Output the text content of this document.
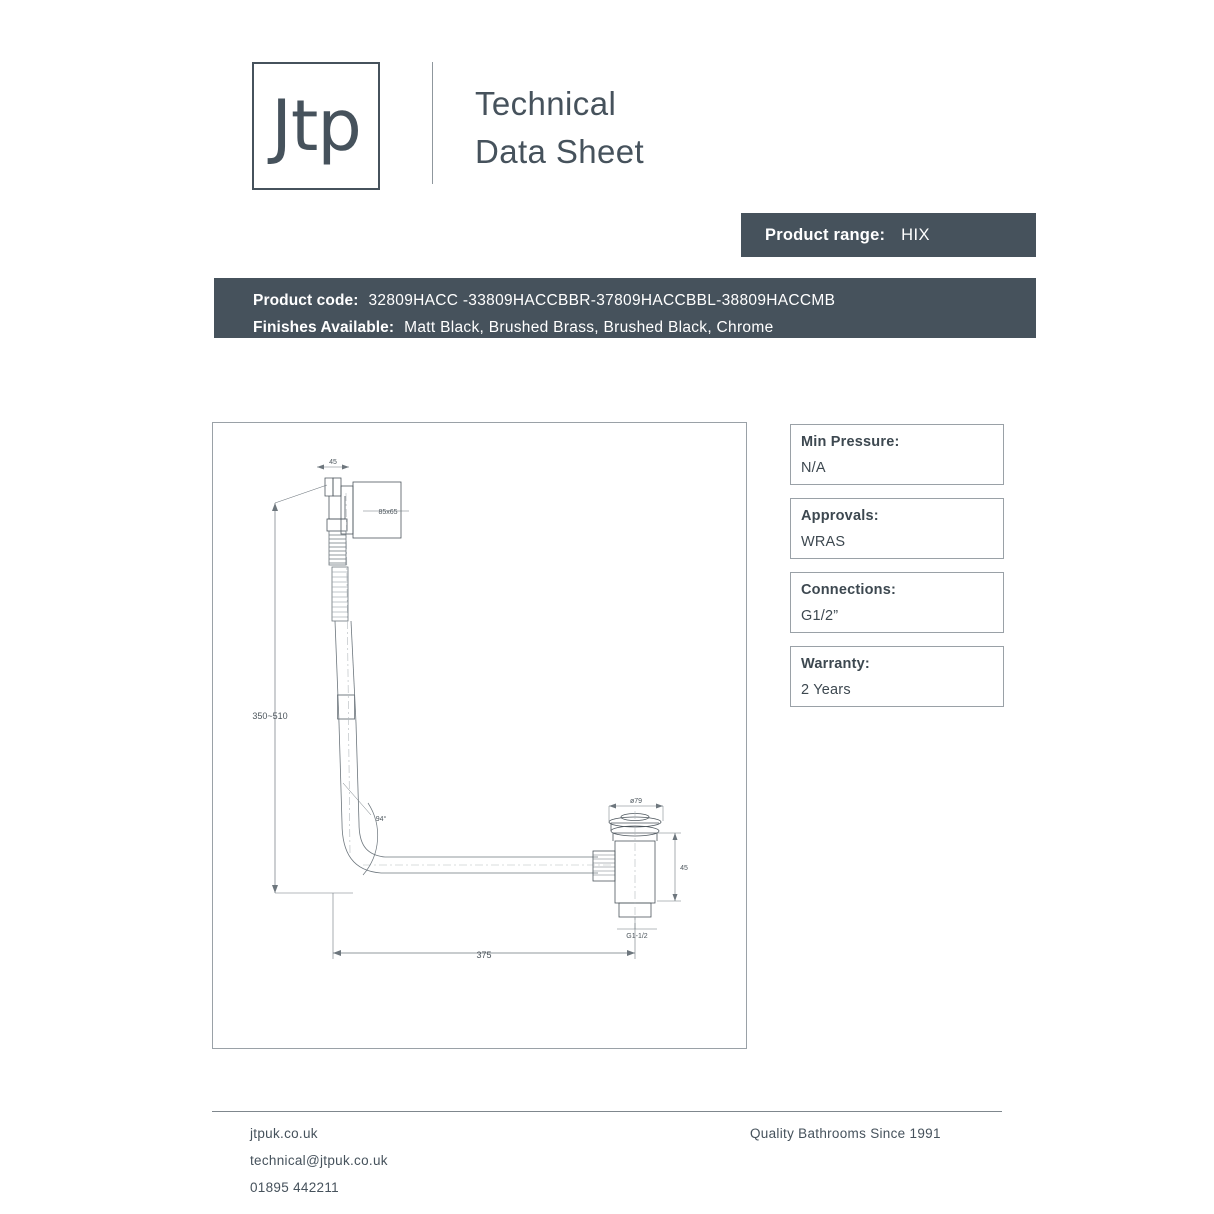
Jtp	Technical
Data Sheet
Product range: HIX
Product code: 32809HACC -33809HACCBBR-37809HACCBBL-38809HACCMB
Finishes Available: Matt Black, Brushed Brass, Brushed Black, Chrome
350~510
375
45
85x65
94°
ø79
45
G1-1/2
Min Pressure:
N/A
Approvals:
WRAS
Connections:
G1/2”
Warranty:
2 Years
jtpuk.co.uk
technical@jtpuk.co.uk
01895 442211
Quality Bathrooms Since 1991
